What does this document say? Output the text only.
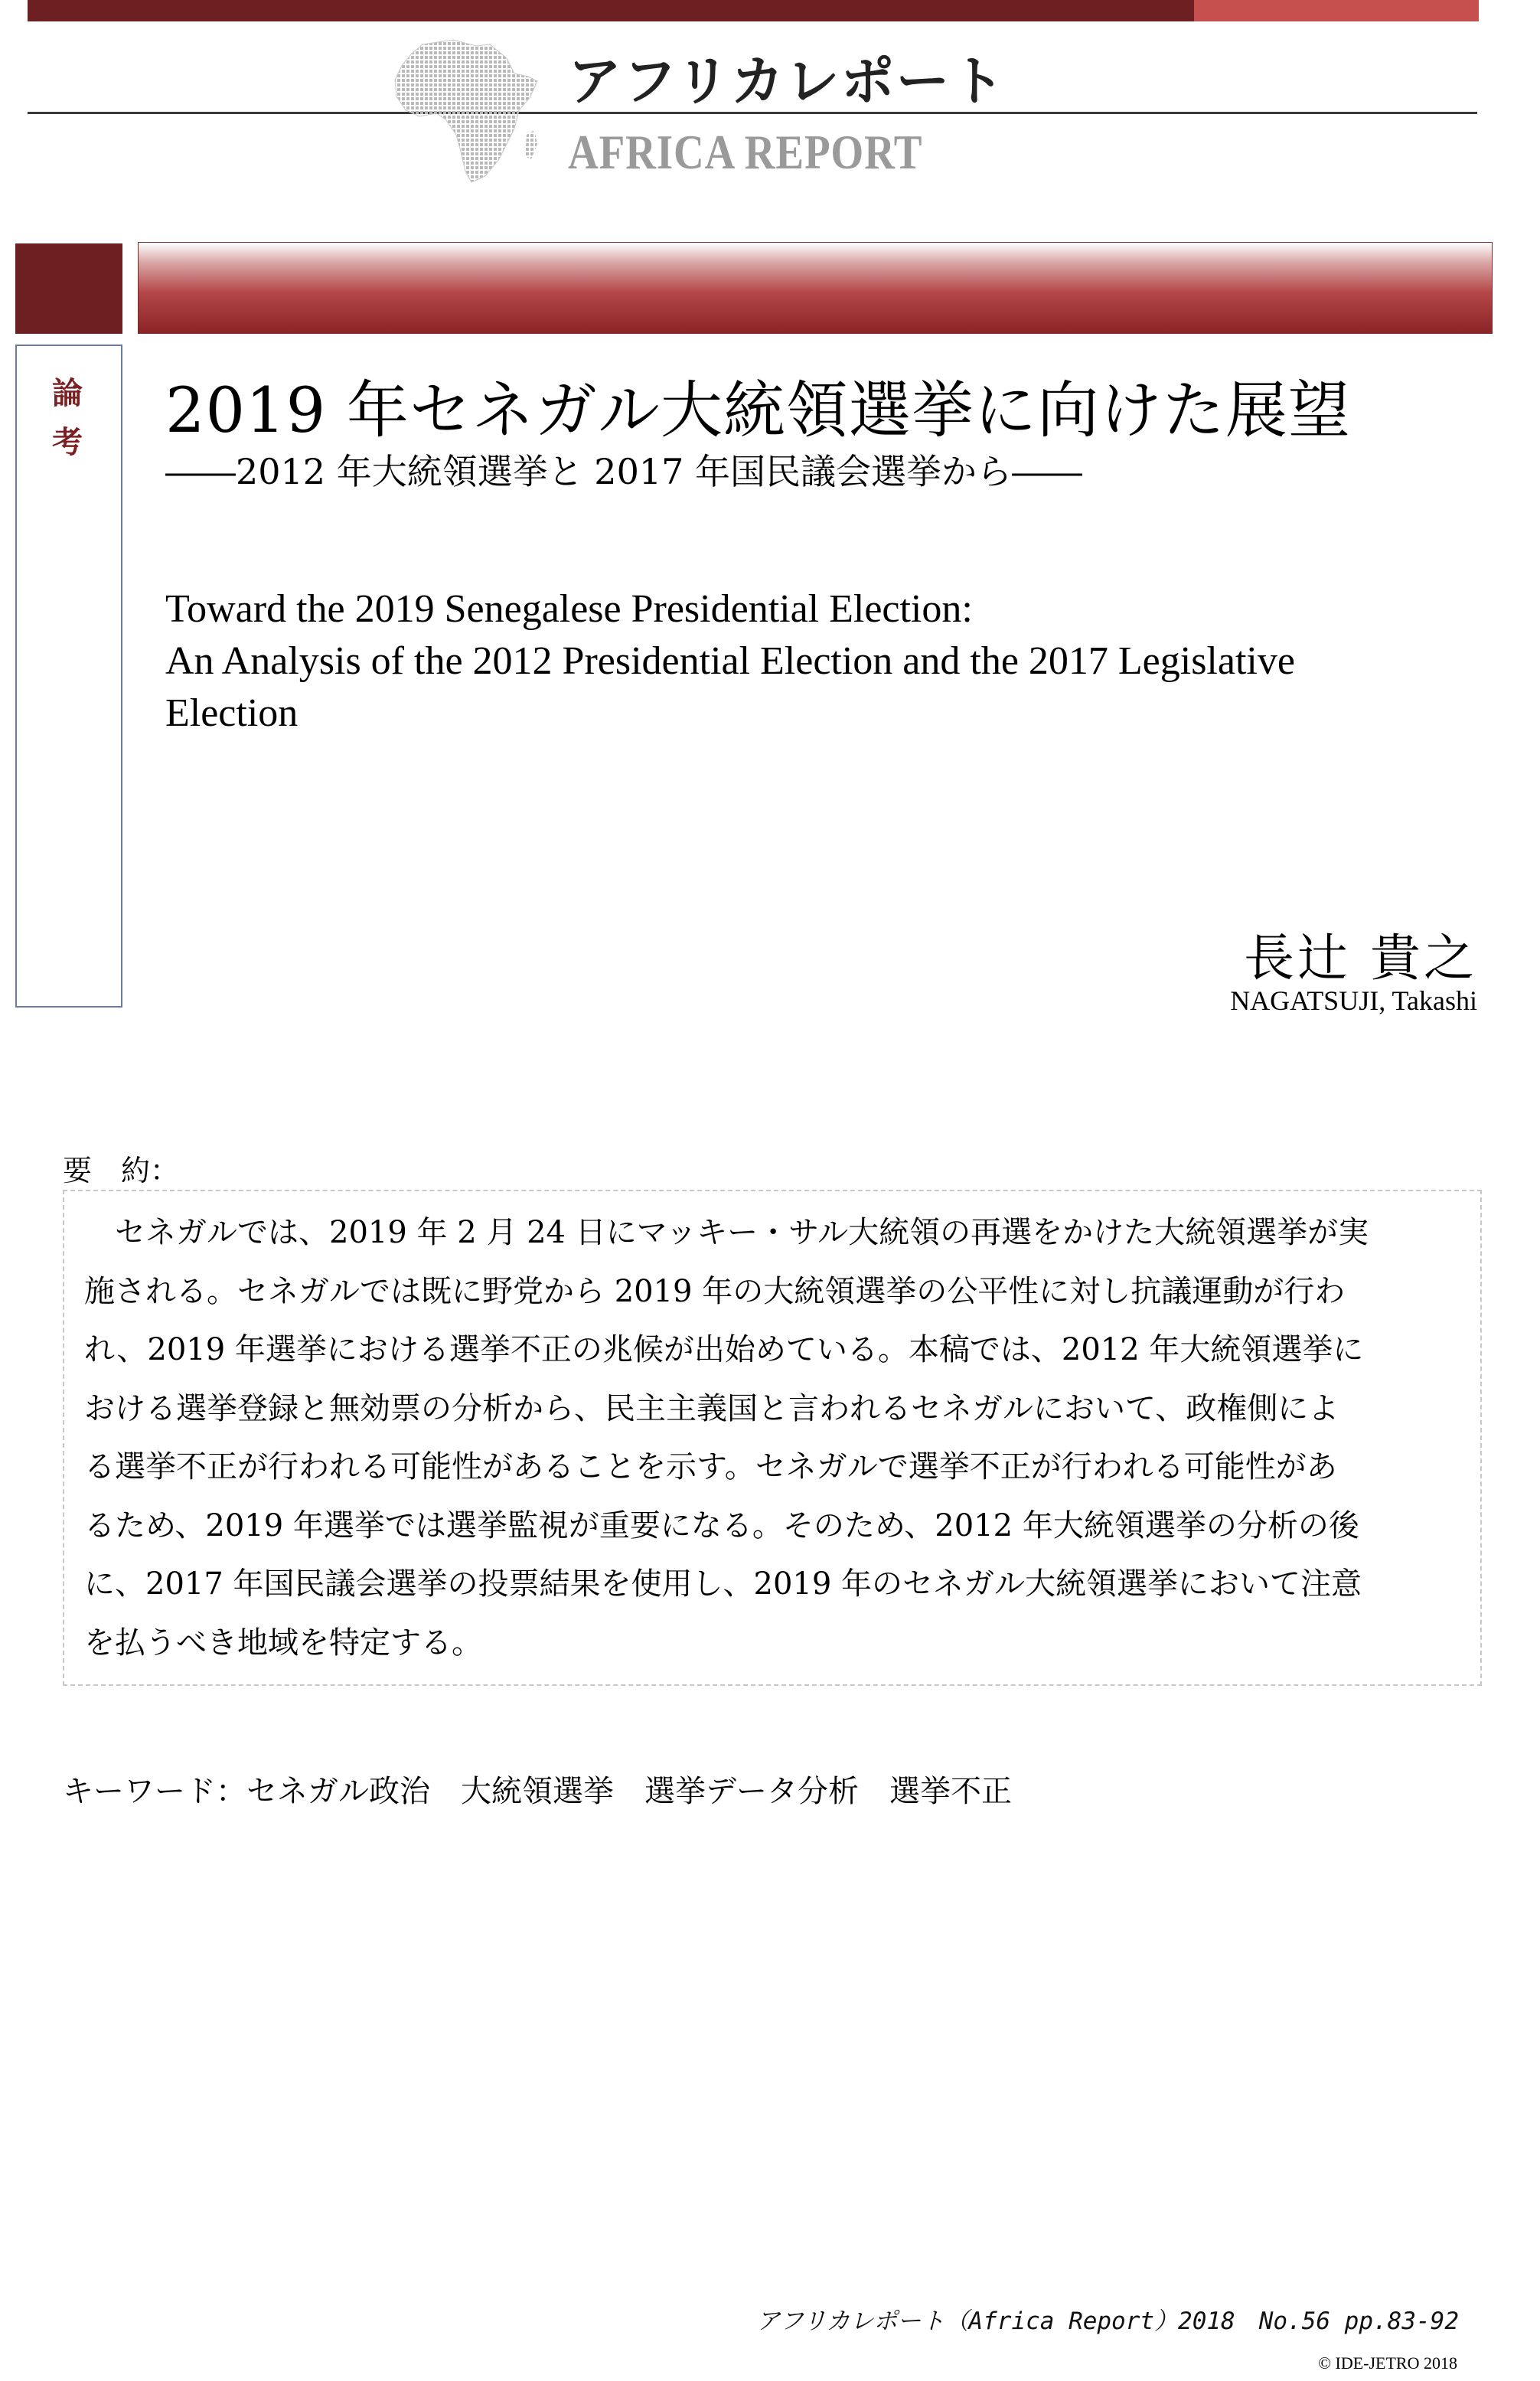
アフリカレポート
AFRICA REPORT
論
考 2019 年セネガル大統領選挙に向けた展望
――2012 年大統領選挙と 2017 年国民議会選挙から――
Toward the 2019 Senegalese Presidential Election:
An Analysis of the 2012 Presidential Election and the 2017 Legislative
Election
長辻 貴之
NAGATSUJI, Takashi
要　約：
　セネガルでは、2019 年 2 月 24 日にマッキー・サル大統領の再選をかけた大統領選挙が実
施される。セネガルでは既に野党から 2019 年の大統領選挙の公平性に対し抗議運動が行わ
れ、2019 年選挙における選挙不正の兆候が出始めている。本稿では、2012 年大統領選挙に
おける選挙登録と無効票の分析から、民主主義国と言われるセネガルにおいて、政権側によ
る選挙不正が行われる可能性があることを示す。セネガルで選挙不正が行われる可能性があ
るため、2019 年選挙では選挙監視が重要になる。そのため、2012 年大統領選挙の分析の後
に、2017 年国民議会選挙の投票結果を使用し、2019 年のセネガル大統領選挙において注意
を払うべき地域を特定する。
キーワード：セネガル政治　大統領選挙　選挙データ分析　選挙不正
アフリカレポート（Africa Report）2018　No.56 pp.83-92
© IDE-JETRO 2018
